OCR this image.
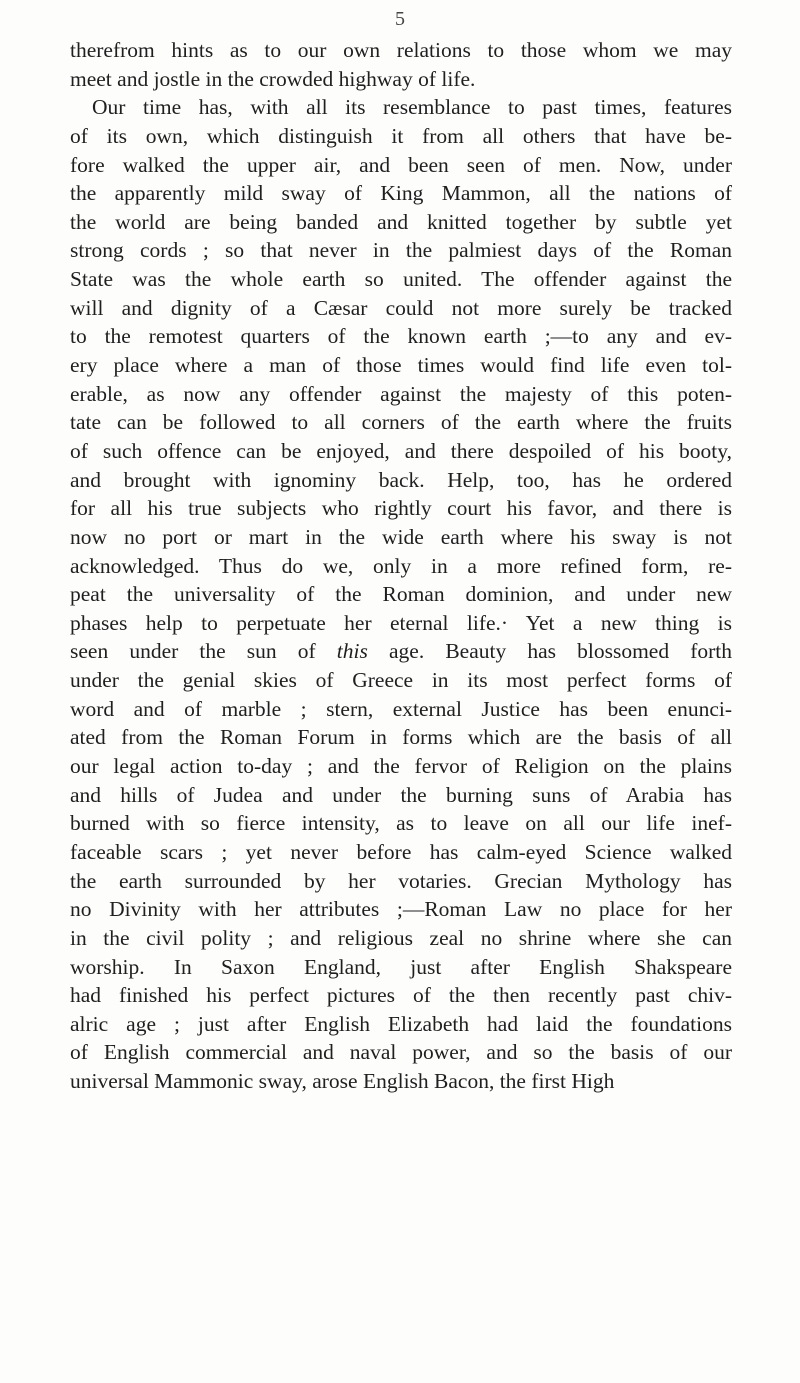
5
therefrom hints as to our own relations to those whom we may
meet and jostle in the crowded highway of life.
Our time has, with all its resemblance to past times, features
of its own, which distinguish it from all others that have be-
fore walked the upper air, and been seen of men. Now, under
the apparently mild sway of King Mammon, all the nations of
the world are being banded and knitted together by subtle yet
strong cords ; so that never in the palmiest days of the Roman
State was the whole earth so united. The offender against the
will and dignity of a Cæsar could not more surely be tracked
to the remotest quarters of the known earth ;—to any and ev-
ery place where a man of those times would find life even tol-
erable, as now any offender against the majesty of this poten-
tate can be followed to all corners of the earth where the fruits
of such offence can be enjoyed, and there despoiled of his booty,
and brought with ignominy back. Help, too, has he ordered
for all his true subjects who rightly court his favor, and there is
now no port or mart in the wide earth where his sway is not
acknowledged. Thus do we, only in a more refined form, re-
peat the universality of the Roman dominion, and under new
phases help to perpetuate her eternal life.· Yet a new thing is
seen under the sun of this age. Beauty has blossomed forth
under the genial skies of Greece in its most perfect forms of
word and of marble ; stern, external Justice has been enunci-
ated from the Roman Forum in forms which are the basis of all
our legal action to-day ; and the fervor of Religion on the plains
and hills of Judea and under the burning suns of Arabia has
burned with so fierce intensity, as to leave on all our life inef-
faceable scars ; yet never before has calm-eyed Science walked
the earth surrounded by her votaries. Grecian Mythology has
no Divinity with her attributes ;—Roman Law no place for her
in the civil polity ; and religious zeal no shrine where she can
worship. In Saxon England, just after English Shakspeare
had finished his perfect pictures of the then recently past chiv-
alric age ; just after English Elizabeth had laid the foundations
of English commercial and naval power, and so the basis of our
universal Mammonic sway, arose English Bacon, the first High
